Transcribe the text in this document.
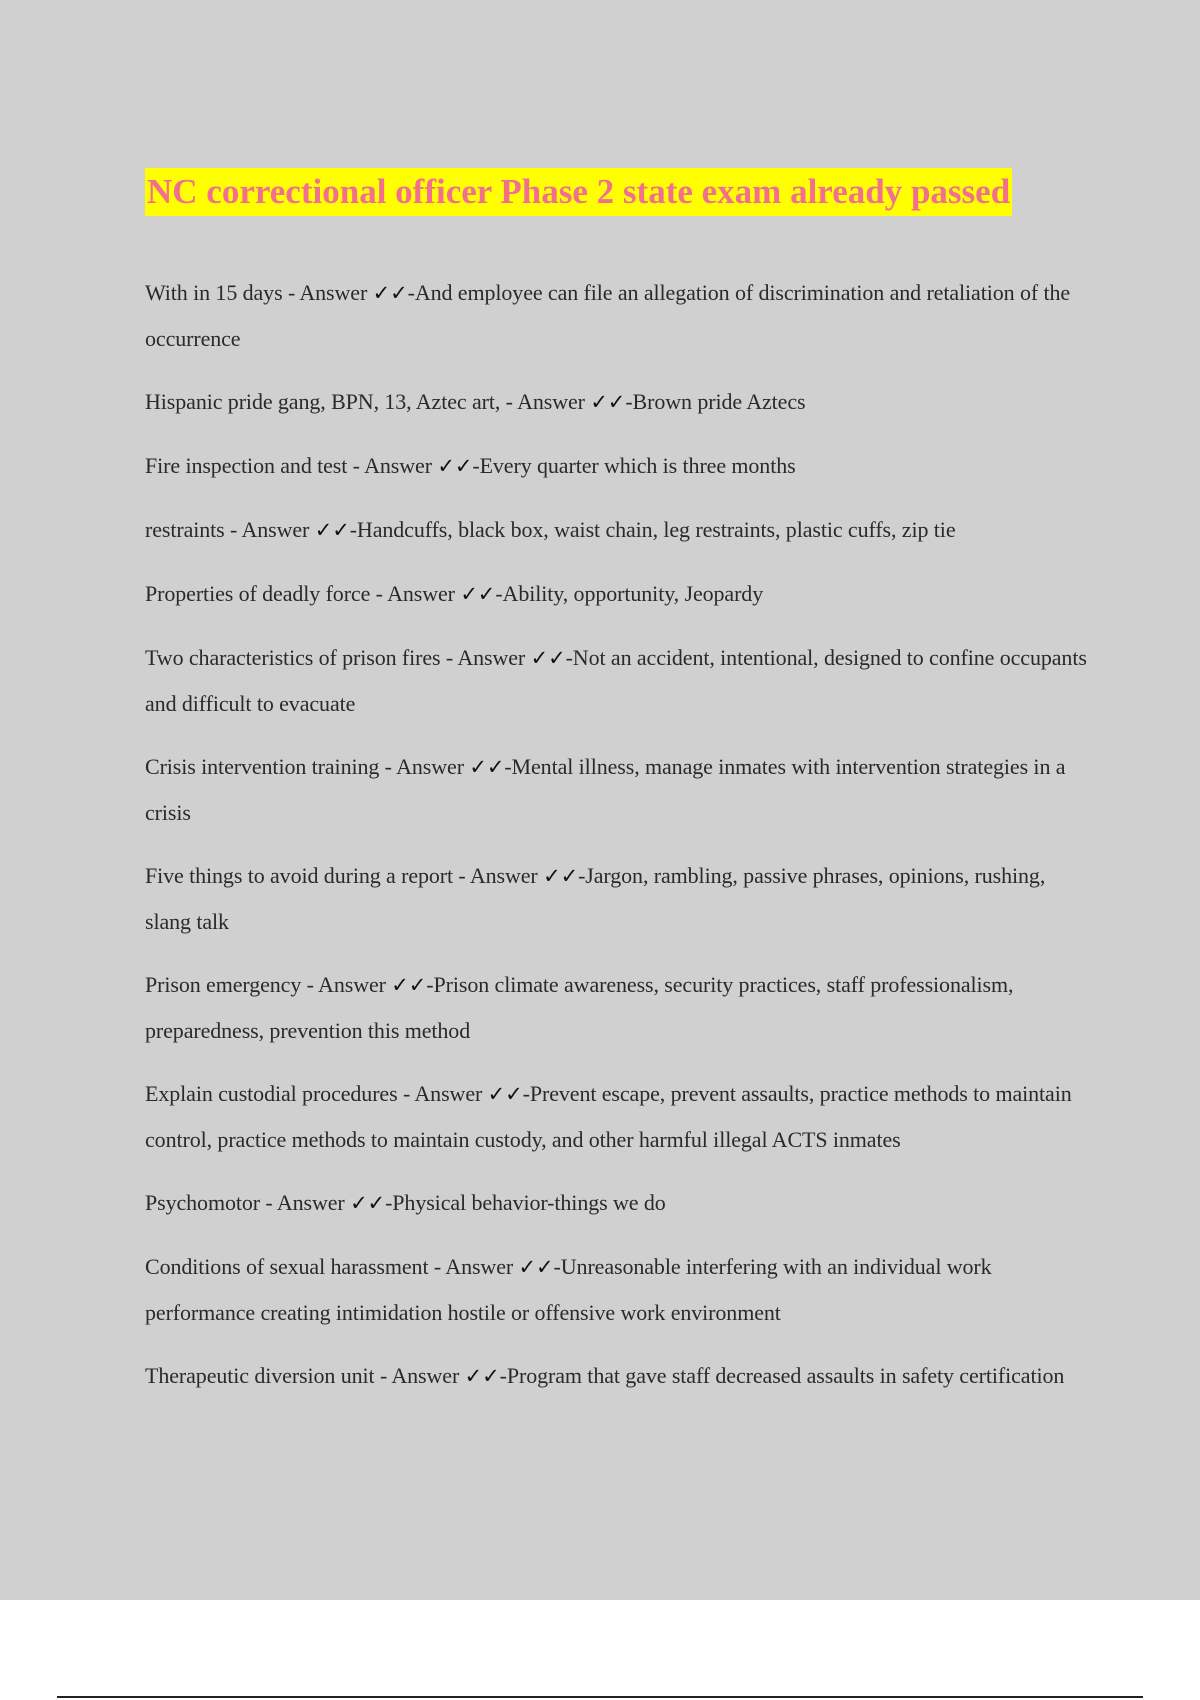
NC correctional officer Phase 2 state exam already passed
With in 15 days - Answer ✓✓-And employee can file an allegation of discrimination and retaliation of the occurrence
Hispanic pride gang, BPN, 13, Aztec art, - Answer ✓✓-Brown pride Aztecs
Fire inspection and test - Answer ✓✓-Every quarter which is three months
restraints - Answer ✓✓-Handcuffs, black box, waist chain, leg restraints, plastic cuffs, zip tie
Properties of deadly force - Answer ✓✓-Ability, opportunity, Jeopardy
Two characteristics of prison fires - Answer ✓✓-Not an accident, intentional, designed to confine occupants and difficult to evacuate
Crisis intervention training - Answer ✓✓-Mental illness, manage inmates with intervention strategies in a crisis
Five things to avoid during a report - Answer ✓✓-Jargon, rambling, passive phrases, opinions, rushing, slang talk
Prison emergency - Answer ✓✓-Prison climate awareness, security practices, staff professionalism, preparedness, prevention this method
Explain custodial procedures - Answer ✓✓-Prevent escape, prevent assaults, practice methods to maintain control, practice methods to maintain custody, and other harmful illegal ACTS inmates
Psychomotor - Answer ✓✓-Physical behavior-things we do
Conditions of sexual harassment - Answer ✓✓-Unreasonable interfering with an individual work performance creating intimidation hostile or offensive work environment
Therapeutic diversion unit - Answer ✓✓-Program that gave staff decreased assaults in safety certification
